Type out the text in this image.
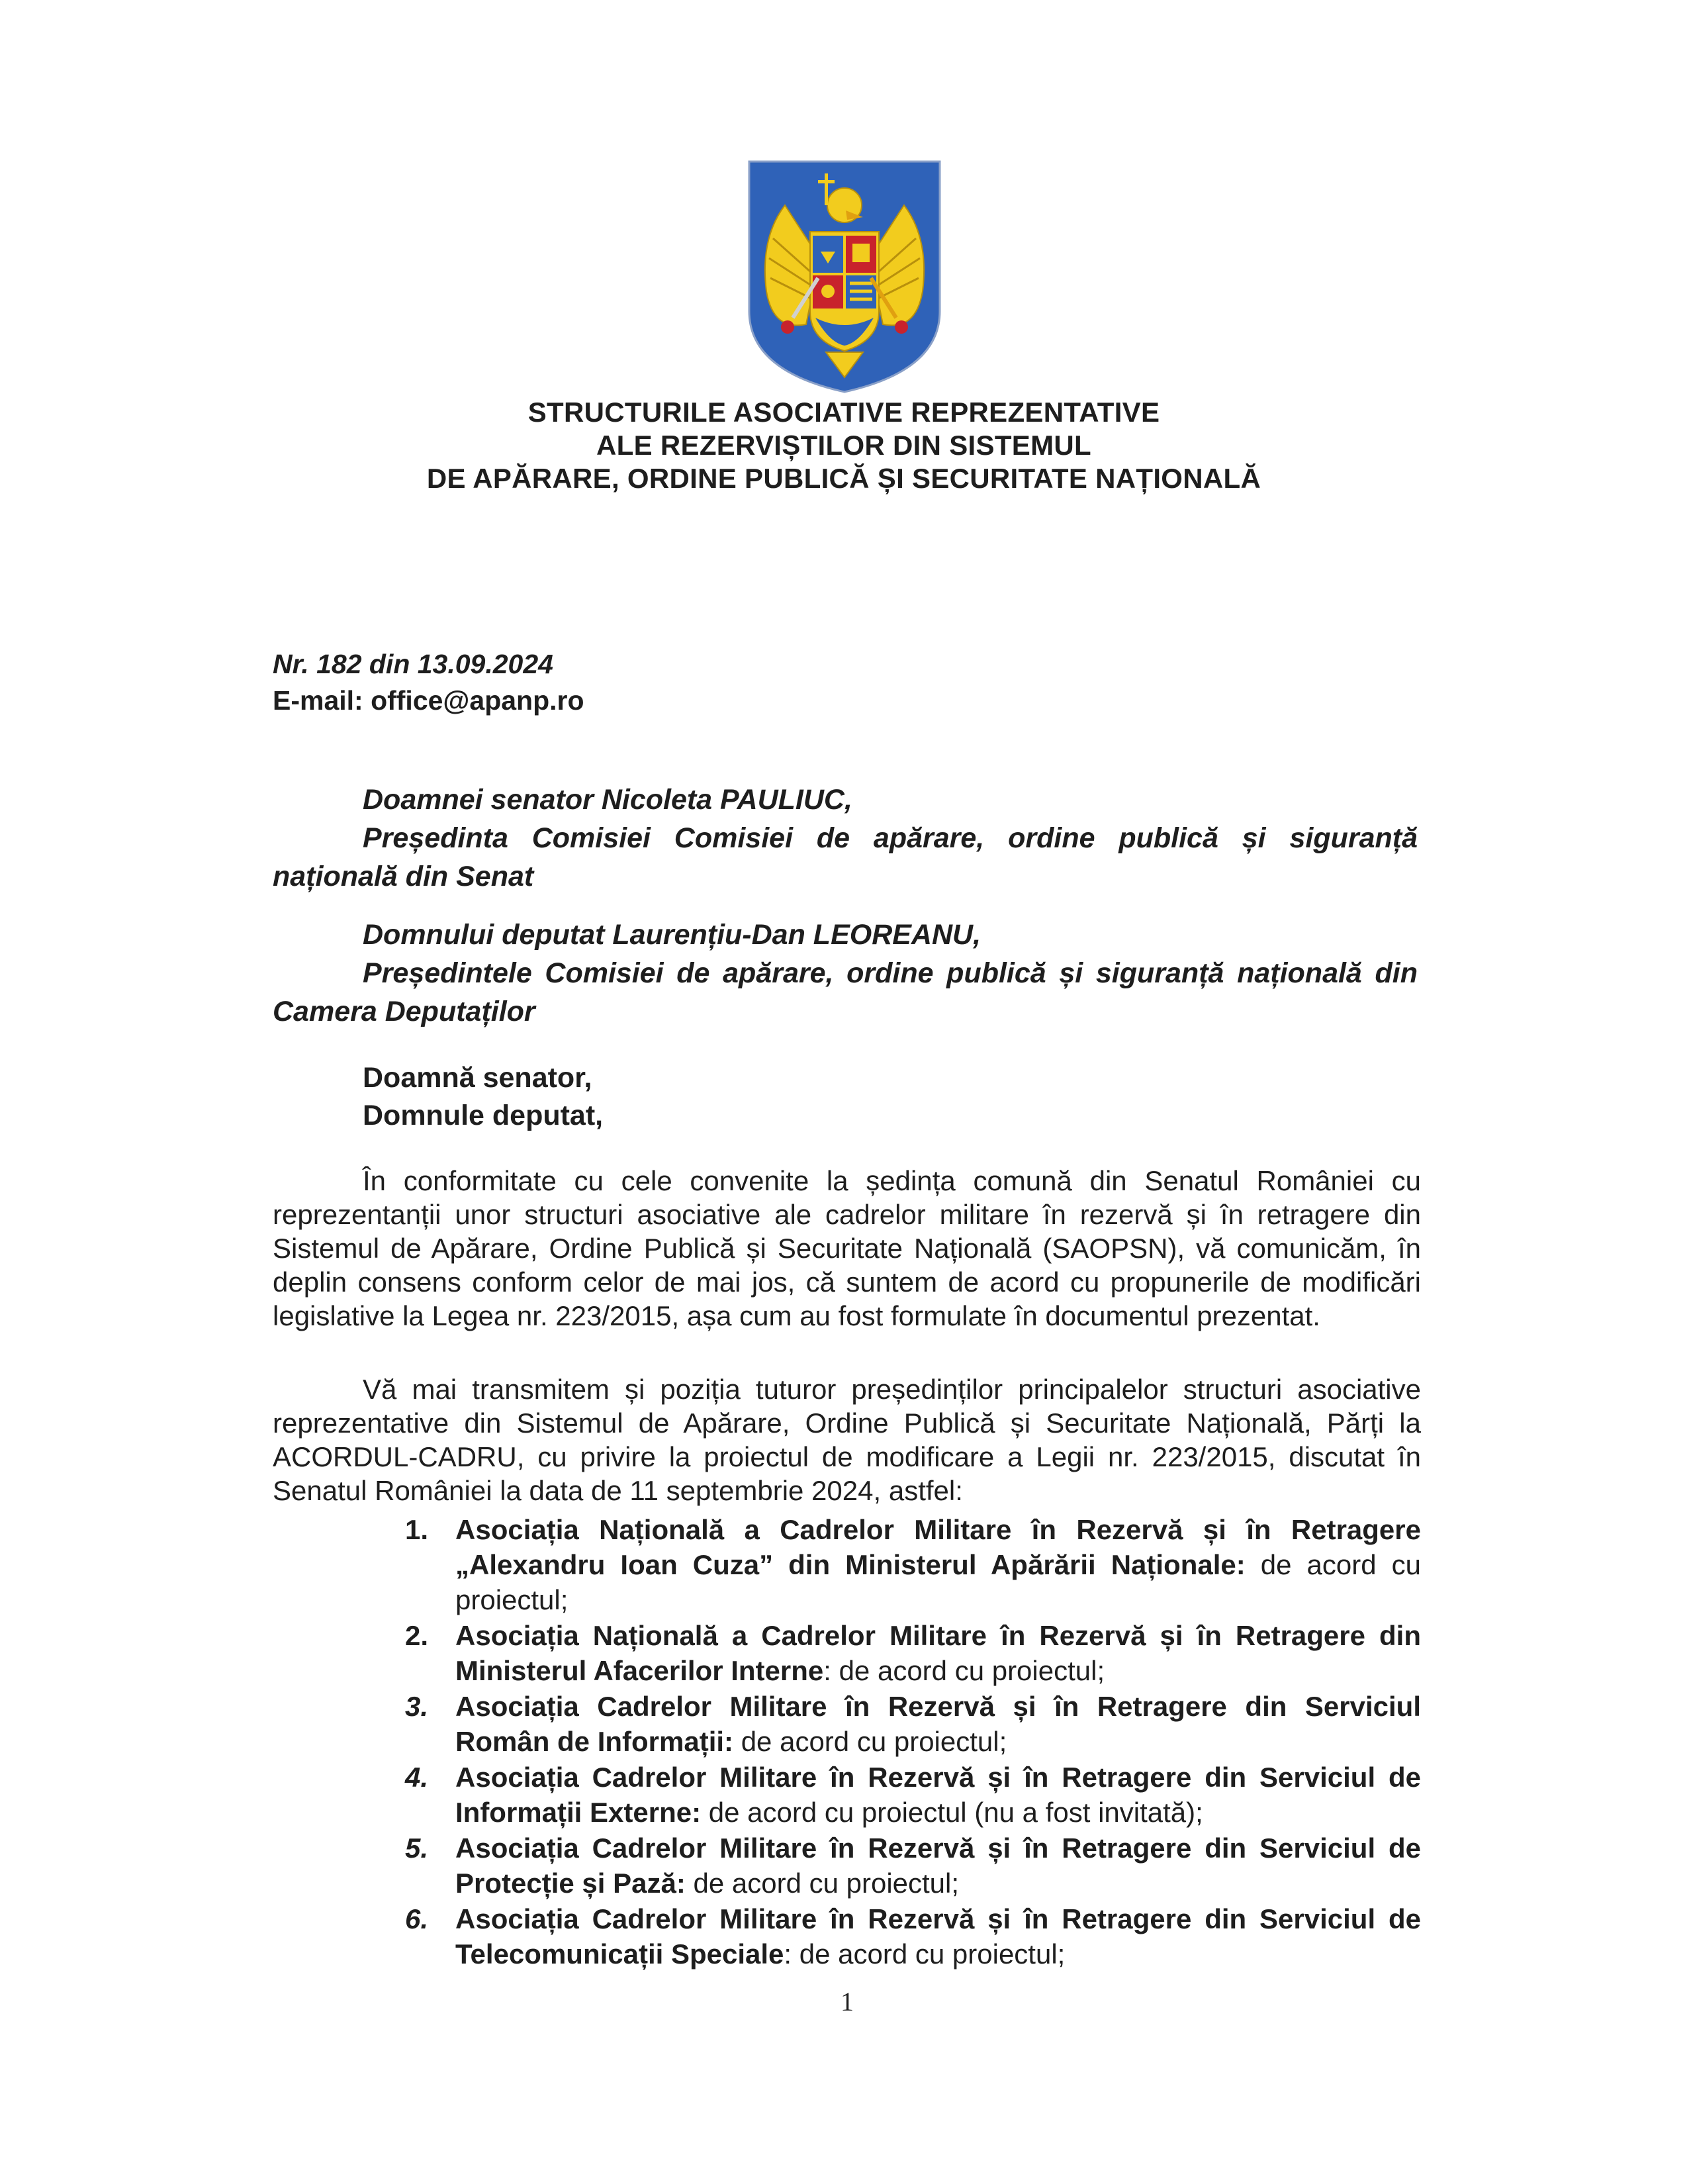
STRUCTURILE ASOCIATIVE REPREZENTATIVE
ALE REZERVIȘTILOR DIN SISTEMUL
DE APĂRARE, ORDINE PUBLICĂ ȘI SECURITATE NAȚIONALĂ
Nr. 182 din 13.09.2024
E-mail: office@apanp.ro
Doamnei senator Nicoleta PAULIUC,
Președinta Comisiei Comisiei de apărare, ordine publică și siguranță națională din Senat
Domnului deputat Laurențiu-Dan LEOREANU,
Președintele Comisiei de apărare, ordine publică și siguranță națională din Camera Deputaților
Doamnă senator,
Domnule deputat,

În conformitate cu cele convenite la ședința comună din Senatul României cu reprezentanții unor structuri asociative ale cadrelor militare în rezervă și în retragere din Sistemul de Apărare, Ordine Publică și Securitate Națională (SAOPSN), vă comunicăm, în deplin consens conform celor de mai jos, că suntem de acord cu propunerile de modificări legislative la Legea nr. 223/2015, așa cum au fost formulate în documentul prezentat.

Vă mai transmitem și poziția tuturor președinților principalelor structuri asociative reprezentative din Sistemul de Apărare, Ordine Publică și Securitate Națională, Părți la ACORDUL-CADRU, cu privire la proiectul de modificare a Legii nr. 223/2015, discutat în Senatul României la data de 11 septembrie 2024, astfel:

1. Asociația Națională a Cadrelor Militare în Rezervă și în Retragere „Alexandru Ioan Cuza” din Ministerul Apărării Naționale: de acord cu proiectul;
2. Asociația Națională a Cadrelor Militare în Rezervă și în Retragere din Ministerul Afacerilor Interne: de acord cu proiectul;
3. Asociația Cadrelor Militare în Rezervă și în Retragere din Serviciul Român de Informații: de acord cu proiectul;
4. Asociația Cadrelor Militare în Rezervă și în Retragere din Serviciul de Informații Externe: de acord cu proiectul (nu a fost invitată);
5. Asociația Cadrelor Militare în Rezervă și în Retragere din Serviciul de Protecție și Pază: de acord cu proiectul;
6. Asociația Cadrelor Militare în Rezervă și în Retragere din Serviciul de Telecomunicații Speciale: de acord cu proiectul;
1
